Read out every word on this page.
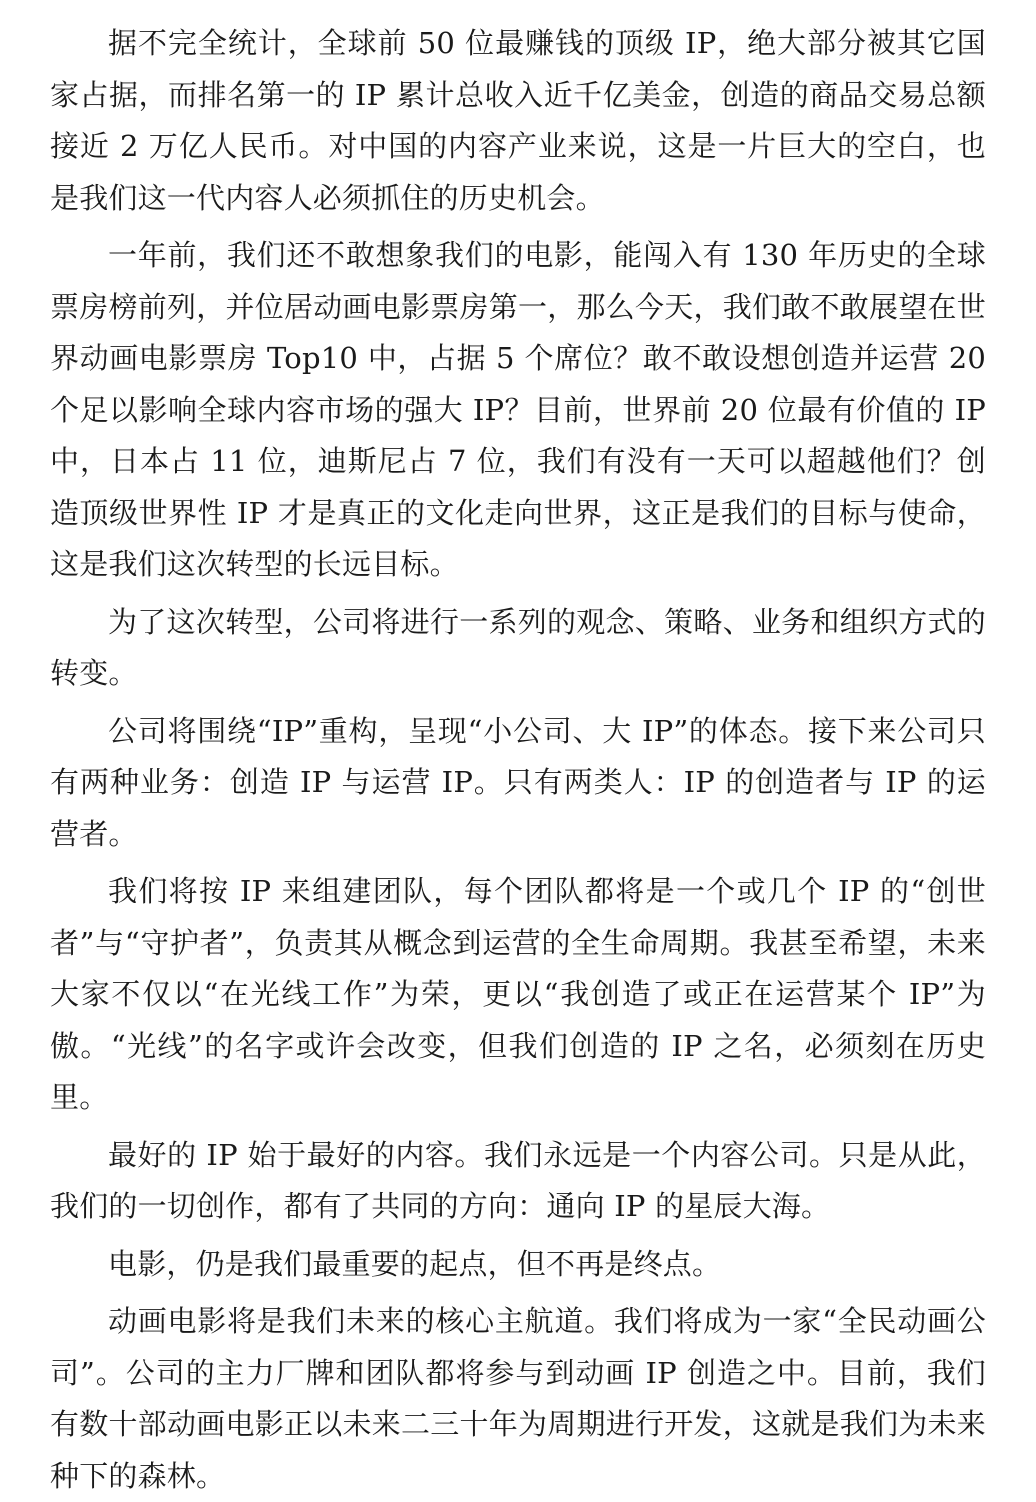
据不完全统计，全球前 50 位最赚钱的顶级 IP，绝大部分被其它国家占据，而排名第一的 IP 累计总收入近千亿美金，创造的商品交易总额接近 2 万亿人民币。对中国的内容产业来说，这是一片巨大的空白，也是我们这一代内容人必须抓住的历史机会。

一年前，我们还不敢想象我们的电影，能闯入有 130 年历史的全球票房榜前列，并位居动画电影票房第一，那么今天，我们敢不敢展望在世界动画电影票房 Top10 中，占据 5 个席位？敢不敢设想创造并运营 20 个足以影响全球内容市场的强大 IP？目前，世界前 20 位最有价值的 IP 中，日本占 11 位，迪斯尼占 7 位，我们有没有一天可以超越他们？创造顶级世界性 IP 才是真正的文化走向世界，这正是我们的目标与使命，这是我们这次转型的长远目标。

为了这次转型，公司将进行一系列的观念、策略、业务和组织方式的转变。

公司将围绕“IP”重构，呈现“小公司、大 IP”的体态。接下来公司只有两种业务：创造 IP 与运营 IP。只有两类人：IP 的创造者与 IP 的运营者。

我们将按 IP 来组建团队，每个团队都将是一个或几个 IP 的“创世者”与“守护者”，负责其从概念到运营的全生命周期。我甚至希望，未来大家不仅以“在光线工作”为荣，更以“我创造了或正在运营某个 IP”为傲。“光线”的名字或许会改变，但我们创造的 IP 之名，必须刻在历史里。

最好的 IP 始于最好的内容。我们永远是一个内容公司。只是从此，我们的一切创作，都有了共同的方向：通向 IP 的星辰大海。

电影，仍是我们最重要的起点，但不再是终点。

动画电影将是我们未来的核心主航道。我们将成为一家“全民动画公司”。公司的主力厂牌和团队都将参与到动画 IP 创造之中。目前，我们有数十部动画电影正以未来二三十年为周期进行开发，这就是我们为未来种下的森林。
